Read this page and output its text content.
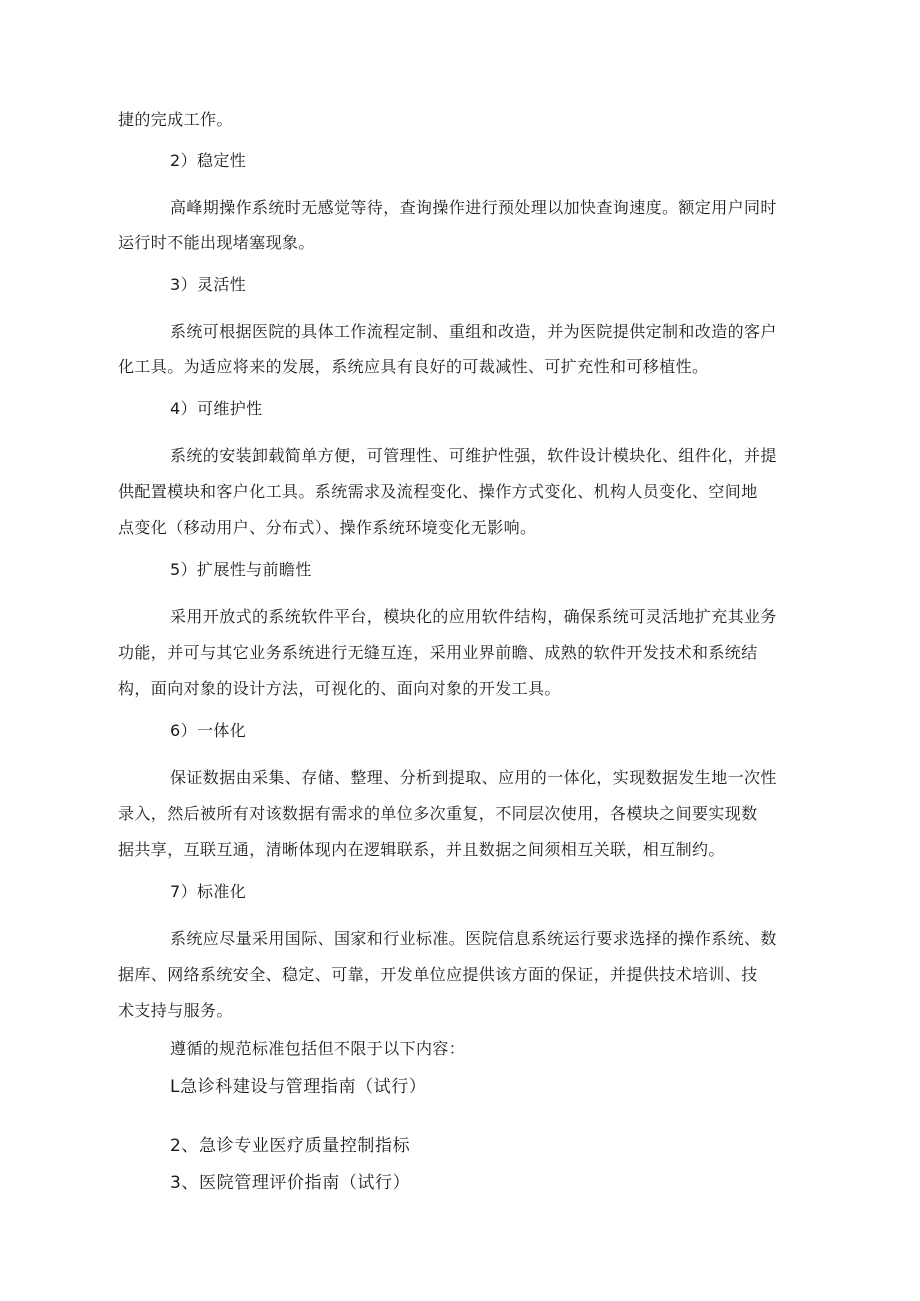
捷的完成工作。
2）稳定性
高峰期操作系统时无感觉等待，查询操作进行预处理以加快查询速度。额定用户同时
运行时不能出现堵塞现象。
3）灵活性
系统可根据医院的具体工作流程定制、重组和改造，并为医院提供定制和改造的客户
化工具。为适应将来的发展，系统应具有良好的可裁减性、可扩充性和可移植性。
4）可维护性
系统的安装卸载简单方便，可管理性、可维护性强，软件设计模块化、组件化，并提
供配置模块和客户化工具。系统需求及流程变化、操作方式变化、机构人员变化、空间地
点变化（移动用户、分布式）、操作系统环境变化无影响。
5）扩展性与前瞻性
采用开放式的系统软件平台，模块化的应用软件结构，确保系统可灵活地扩充其业务
功能，并可与其它业务系统进行无缝互连，采用业界前瞻、成熟的软件开发技术和系统结
构，面向对象的设计方法，可视化的、面向对象的开发工具。
6）一体化
保证数据由采集、存储、整理、分析到提取、应用的一体化，实现数据发生地一次性
录入，然后被所有对该数据有需求的单位多次重复，不同层次使用，各模块之间要实现数
据共享，互联互通，清晰体现内在逻辑联系，并且数据之间须相互关联，相互制约。
7）标准化
系统应尽量采用国际、国家和行业标准。医院信息系统运行要求选择的操作系统、数
据库、网络系统安全、稳定、可靠，开发单位应提供该方面的保证，并提供技术培训、技
术支持与服务。
遵循的规范标准包括但不限于以下内容：
L急诊科建设与管理指南（试行）
2、急诊专业医疗质量控制指标
3、医院管理评价指南（试行）
